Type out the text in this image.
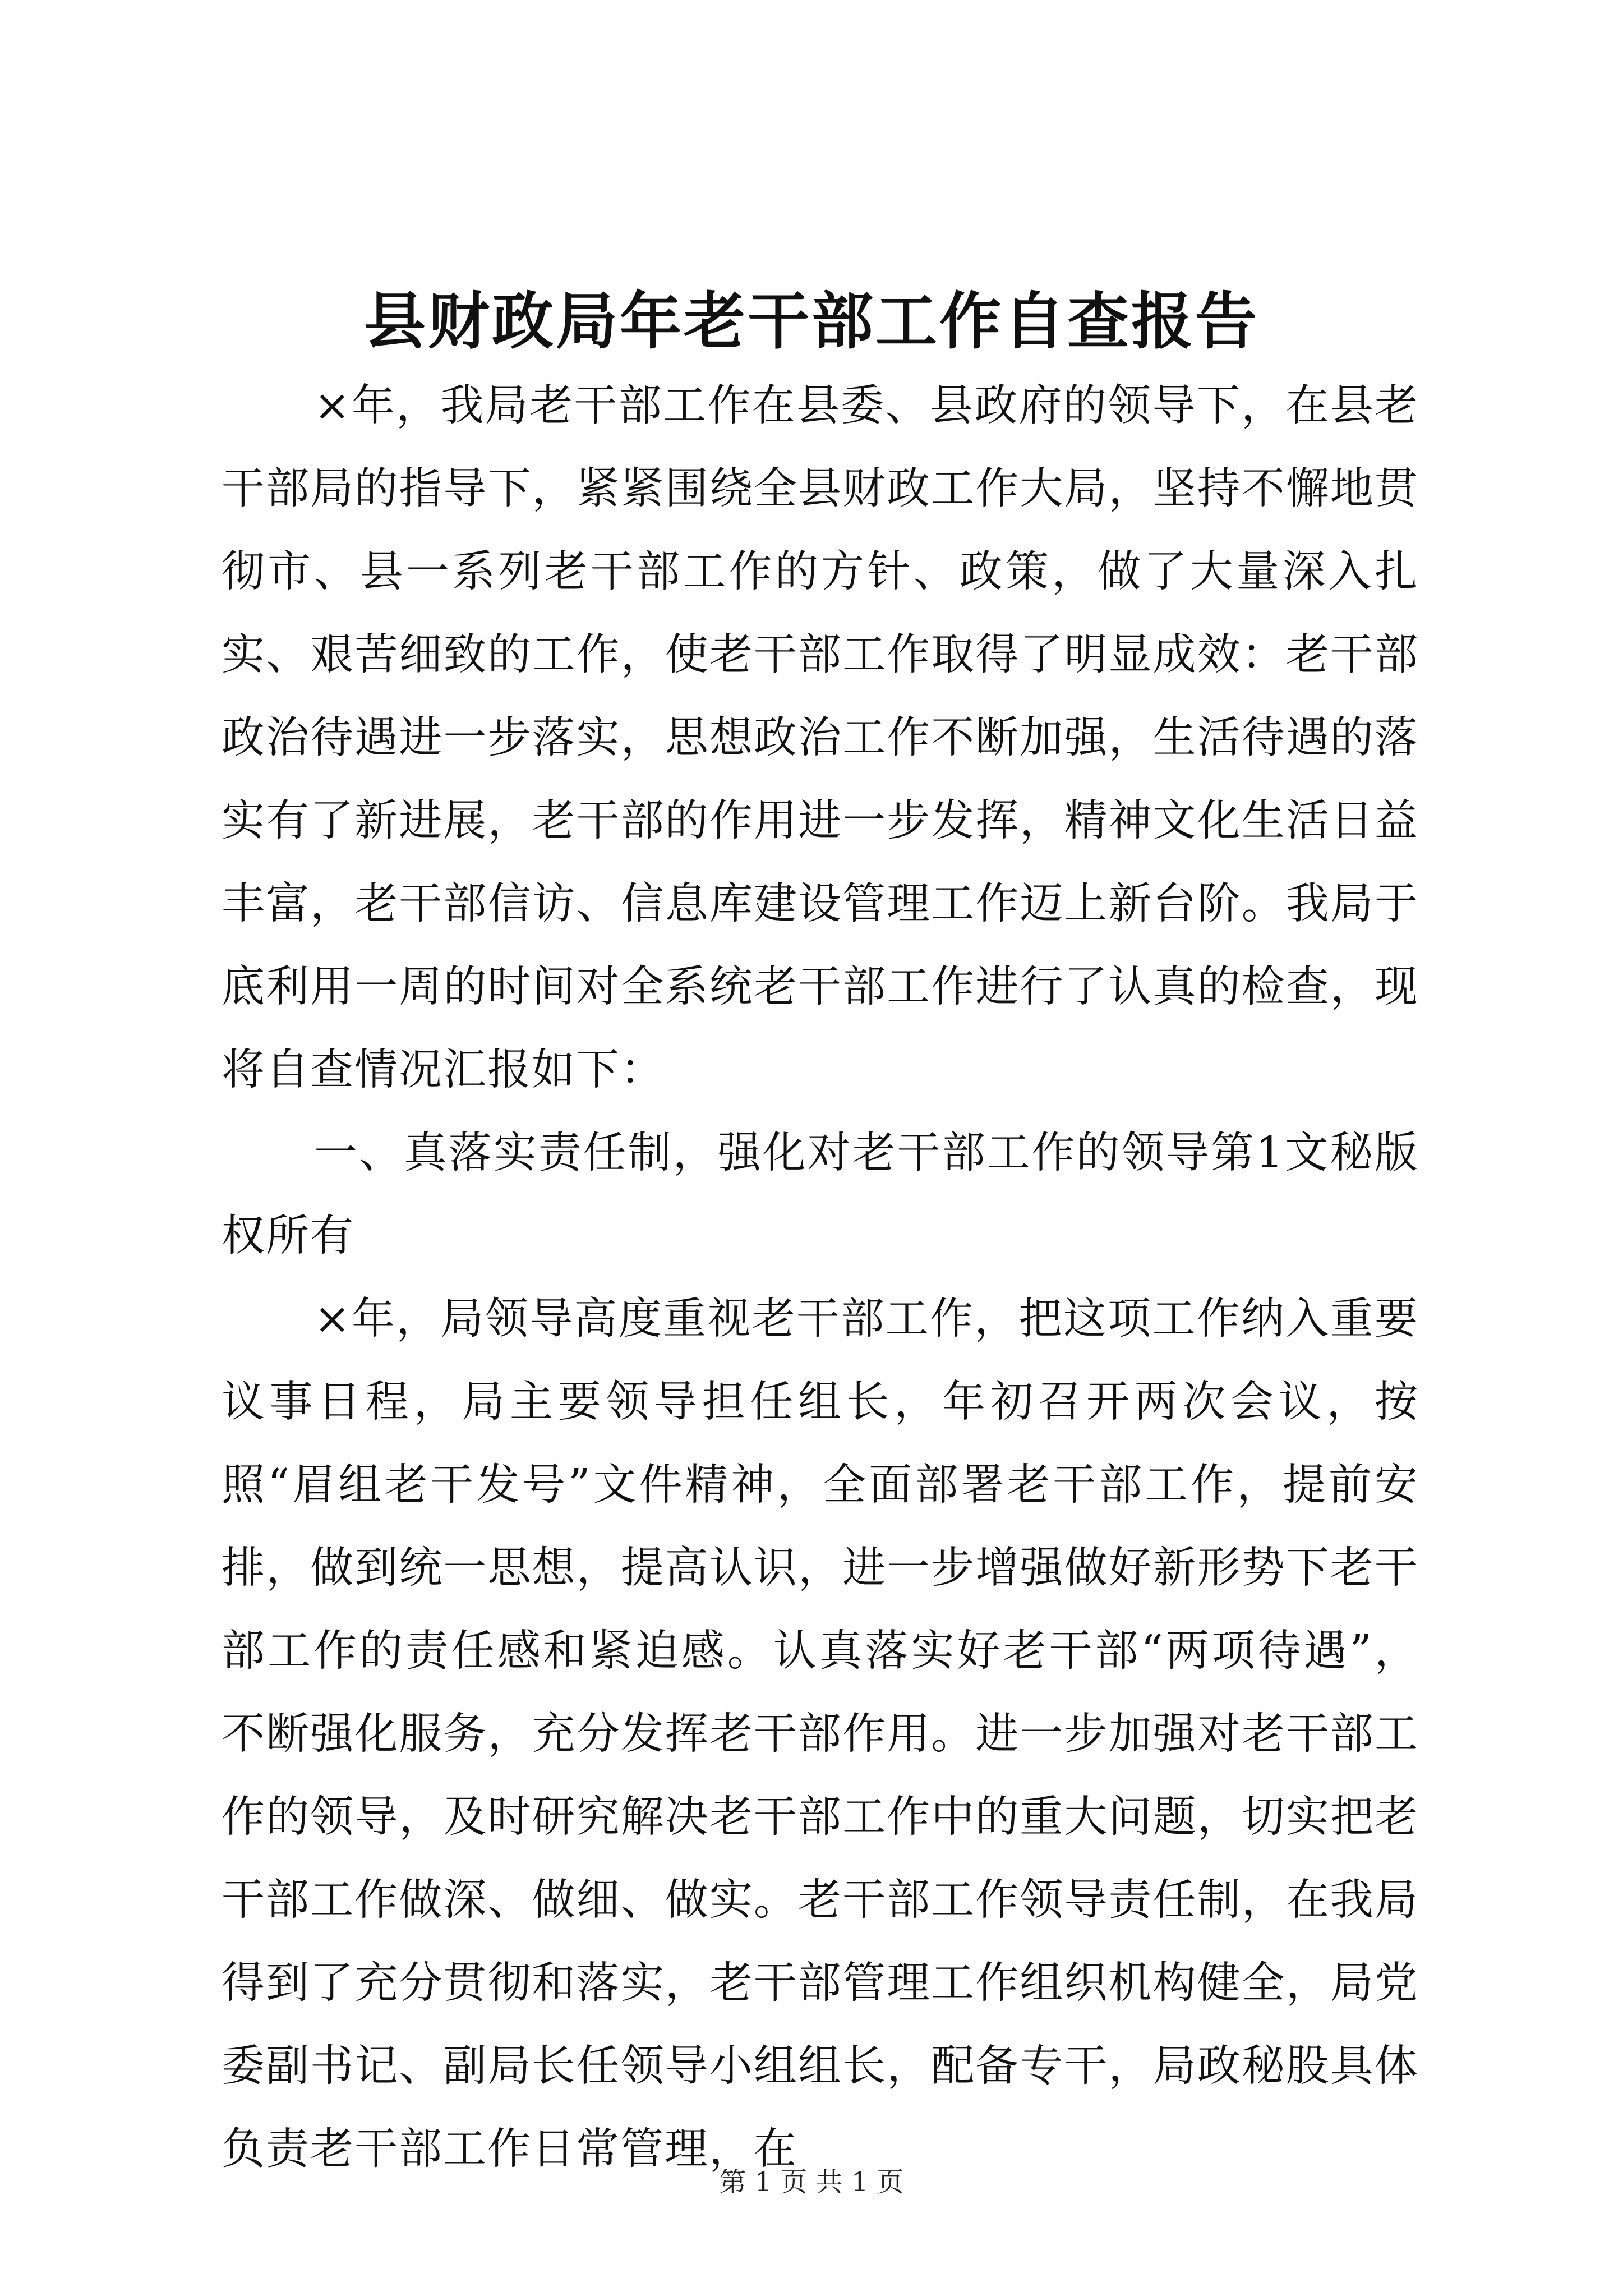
县财政局年老干部工作自查报告

×年，我局老干部工作在县委、县政府的领导下，在县老干部局的指导下，紧紧围绕全县财政工作大局，坚持不懈地贯彻市、县一系列老干部工作的方针、政策，做了大量深入扎实、艰苦细致的工作，使老干部工作取得了明显成效：老干部政治待遇进一步落实，思想政治工作不断加强，生活待遇的落实有了新进展，老干部的作用进一步发挥，精神文化生活日益丰富，老干部信访、信息库建设管理工作迈上新台阶。我局于底利用一周的时间对全系统老干部工作进行了认真的检查，现将自查情况汇报如下：

一、真落实责任制，强化对老干部工作的领导第1文秘版权所有

×年，局领导高度重视老干部工作，把这项工作纳入重要议事日程，局主要领导担任组长，年初召开两次会议，按照“眉组老干发号”文件精神，全面部署老干部工作，提前安排，做到统一思想，提高认识，进一步增强做好新形势下老干部工作的责任感和紧迫感。认真落实好老干部“两项待遇”，不断强化服务，充分发挥老干部作用。进一步加强对老干部工作的领导，及时研究解决老干部工作中的重大问题，切实把老干部工作做深、做细、做实。老干部工作领导责任制，在我局得到了充分贯彻和落实，老干部管理工作组织机构健全，局党委副书记、副局长任领导小组组长，配备专干，局政秘股具体负责老干部工作日常管理，在

第 1 页 共 1 页
